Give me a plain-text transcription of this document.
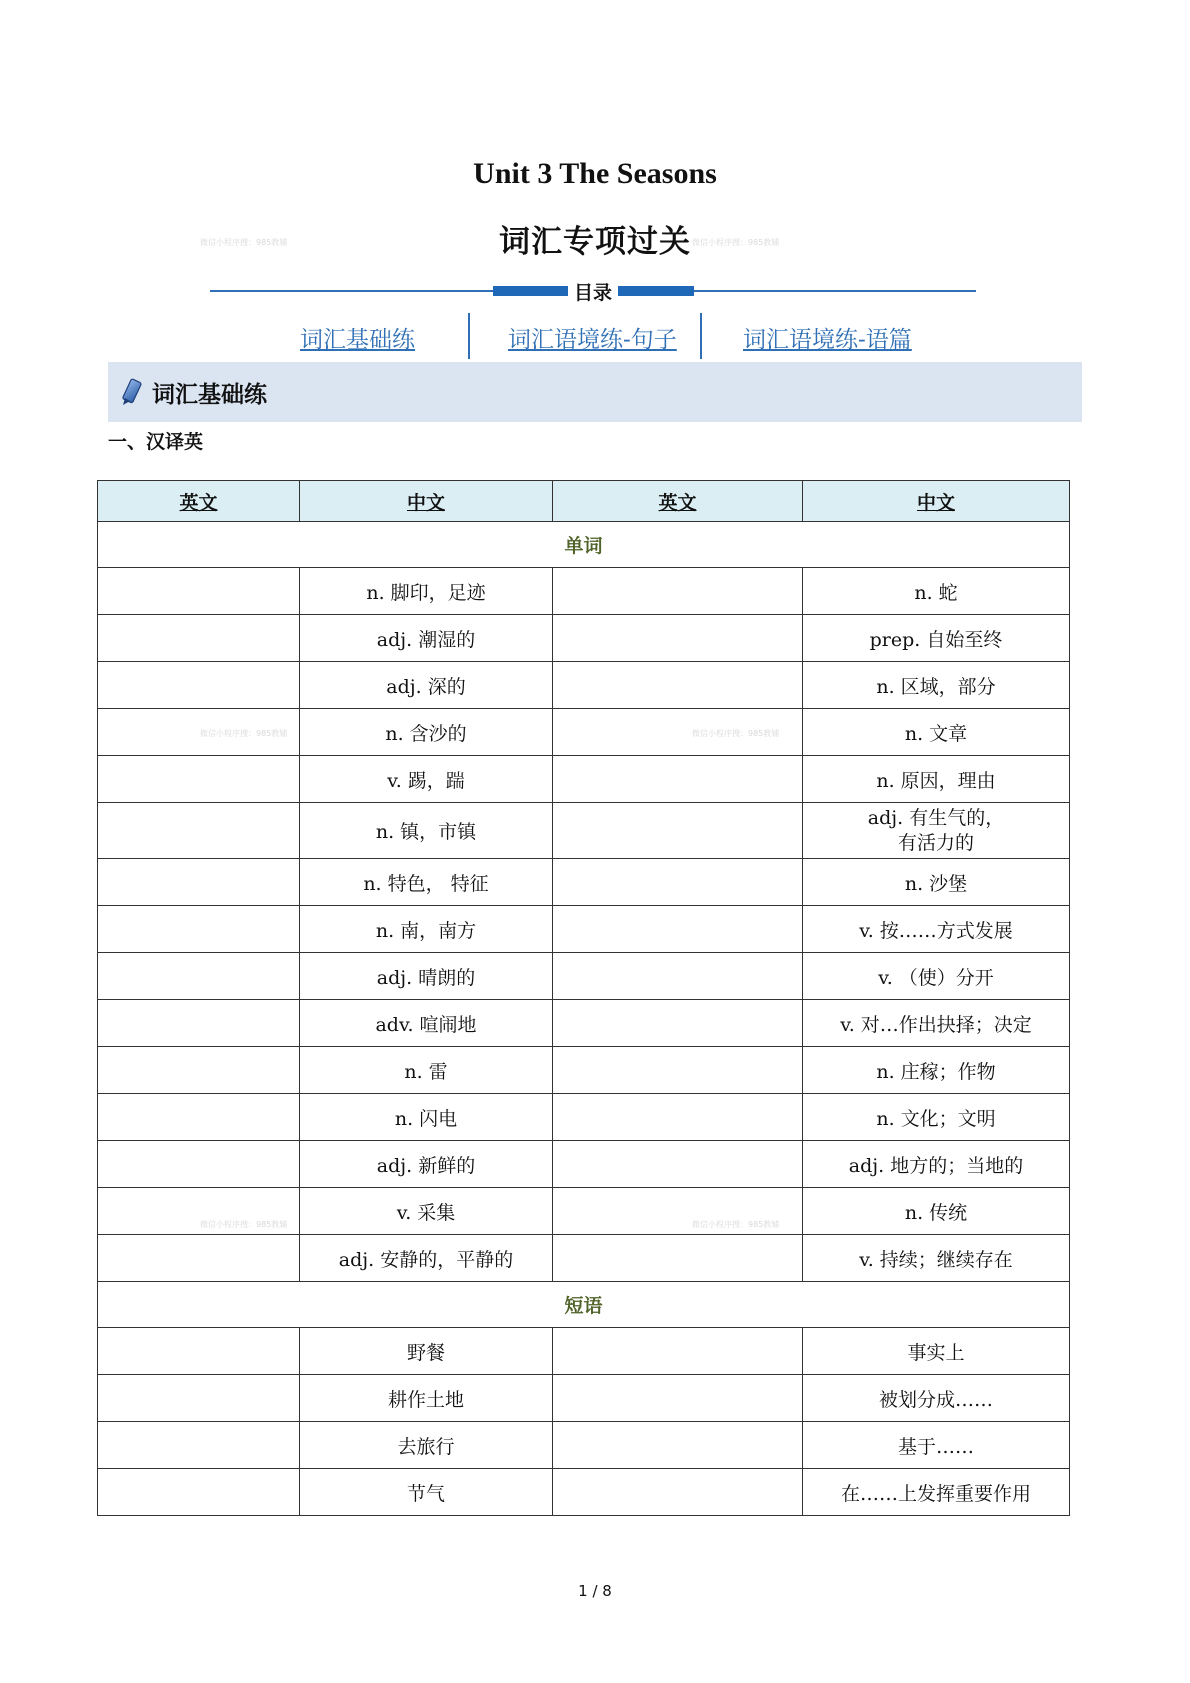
Unit 3 The Seasons
词汇专项过关
目录
词汇基础练	词汇语境练-句子	词汇语境练-语篇
词汇基础练
一、汉译英
英文	中文	英文	中文
单词			
	n. 脚印，足迹		n. 蛇
	adj. 潮湿的		prep. 自始至终
	adj. 深的		n. 区域，部分
	n. 含沙的		n. 文章
	v. 踢，踹		n. 原因，理由
	n. 镇，市镇		adj. 有生气的，
有活力的
	n. 特色， 特征		n. 沙堡
	n. 南，南方		v. 按……方式发展
	adj. 晴朗的		v. （使）分开
	adv. 喧闹地		v. 对…作出抉择；决定
	n. 雷		n. 庄稼；作物
	n. 闪电		n. 文化；文明
	adj. 新鲜的		adj. 地方的；当地的
	v. 采集		n. 传统
	adj. 安静的，平静的		v. 持续；继续存在
短语			
	野餐		事实上
	耕作土地		被划分成……
	去旅行		基于……
	节气		在……上发挥重要作用
1 / 8
微信小程序搜：985教辅	微信小程序搜：985教辅
微信小程序搜：985教辅	微信小程序搜：985教辅
微信小程序搜：985教辅	微信小程序搜：985教辅
